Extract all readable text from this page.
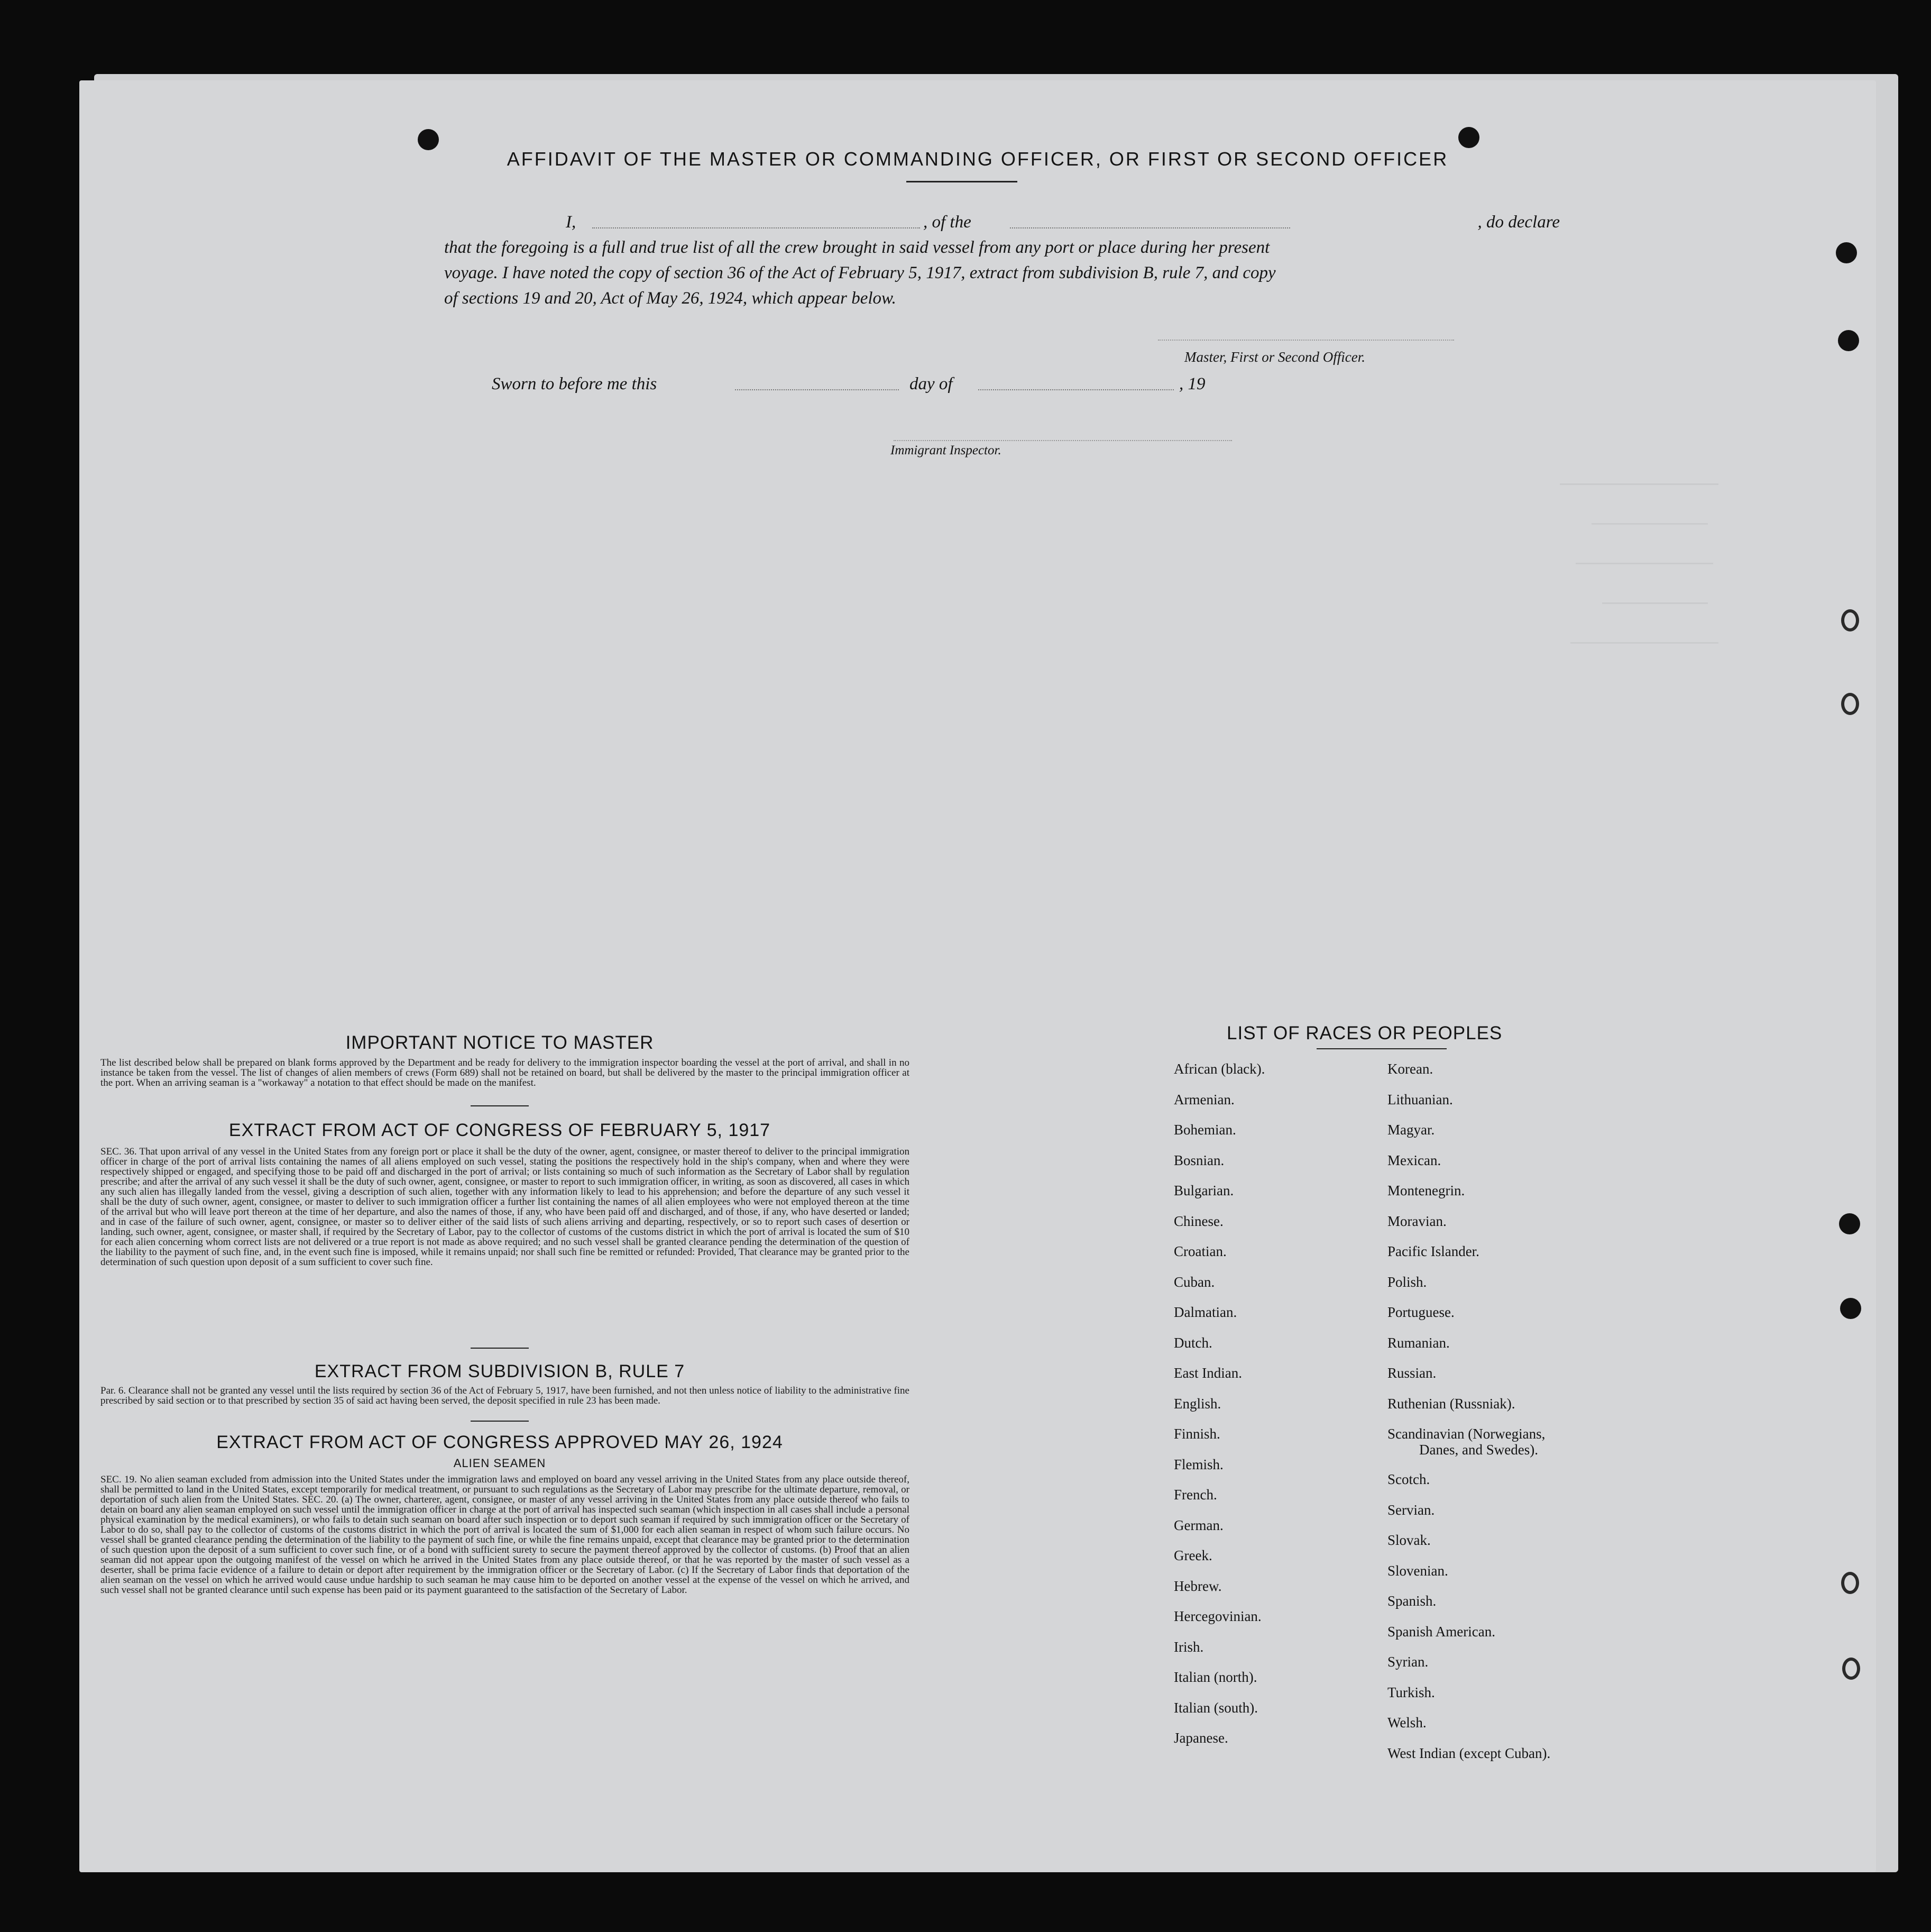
AFFIDAVIT OF THE MASTER OR COMMANDING OFFICER, OR FIRST OR SECOND OFFICER
I,	, of the	, do declare
that the foregoing is a full and true list of all the crew brought in said vessel from any port or place during her present
voyage. I have noted the copy of section 36 of the Act of February 5, 1917, extract from subdivision B, rule 7, and copy
of sections 19 and 20, Act of May 26, 1924, which appear below.
Master, First or Second Officer.
Sworn to before me this	day of	, 19
Immigrant Inspector.
IMPORTANT NOTICE TO MASTER
The list described below shall be prepared on blank forms approved by the Department and be ready for delivery to the immigration inspector boarding the vessel at the port of arrival, and shall in no instance be taken from the vessel. The list of changes of alien members of crews (Form 689) shall not be retained on board, but shall be delivered by the master to the principal immigration officer at the port. When an arriving seaman is a "workaway" a notation to that effect should be made on the manifest.
EXTRACT FROM ACT OF CONGRESS OF FEBRUARY 5, 1917
SEC. 36. That upon arrival of any vessel in the United States from any foreign port or place it shall be the duty of the owner, agent, consignee, or master thereof to deliver to the principal immigration officer in charge of the port of arrival lists containing the names of all aliens employed on such vessel, stating the positions the respectively hold in the ship's company, when and where they were respectively shipped or engaged, and specifying those to be paid off and discharged in the port of arrival; or lists containing so much of such information as the Secretary of Labor shall by regulation prescribe; and after the arrival of any such vessel it shall be the duty of such owner, agent, consignee, or master to report to such immigration officer, in writing, as soon as discovered, all cases in which any such alien has illegally landed from the vessel, giving a description of such alien, together with any information likely to lead to his apprehension; and before the departure of any such vessel it shall be the duty of such owner, agent, consignee, or master to deliver to such immigration officer a further list containing the names of all alien employees who were not employed thereon at the time of the arrival but who will leave port thereon at the time of her departure, and also the names of those, if any, who have been paid off and discharged, and of those, if any, who have deserted or landed; and in case of the failure of such owner, agent, consignee, or master so to deliver either of the said lists of such aliens arriving and departing, respectively, or so to report such cases of desertion or landing, such owner, agent, consignee, or master shall, if required by the Secretary of Labor, pay to the collector of customs of the customs district in which the port of arrival is located the sum of $10 for each alien concerning whom correct lists are not delivered or a true report is not made as above required; and no such vessel shall be granted clearance pending the determination of the question of the liability to the payment of such fine, and, in the event such fine is imposed, while it remains unpaid; nor shall such fine be remitted or refunded: Provided, That clearance may be granted prior to the determination of such question upon deposit of a sum sufficient to cover such fine.
EXTRACT FROM SUBDIVISION B, RULE 7
Par. 6. Clearance shall not be granted any vessel until the lists required by section 36 of the Act of February 5, 1917, have been furnished, and not then unless notice of liability to the administrative fine prescribed by said section or to that prescribed by section 35 of said act having been served, the deposit specified in rule 23 has been made.
EXTRACT FROM ACT OF CONGRESS APPROVED MAY 26, 1924
ALIEN SEAMEN
SEC. 19. No alien seaman excluded from admission into the United States under the immigration laws and employed on board any vessel arriving in the United States from any place outside thereof, shall be permitted to land in the United States, except temporarily for medical treatment, or pursuant to such regulations as the Secretary of Labor may prescribe for the ultimate departure, removal, or deportation of such alien from the United States. SEC. 20. (a) The owner, charterer, agent, consignee, or master of any vessel arriving in the United States from any place outside thereof who fails to detain on board any alien seaman employed on such vessel until the immigration officer in charge at the port of arrival has inspected such seaman (which inspection in all cases shall include a personal physical examination by the medical examiners), or who fails to detain such seaman on board after such inspection or to deport such seaman if required by such immigration officer or the Secretary of Labor to do so, shall pay to the collector of customs of the customs district in which the port of arrival is located the sum of $1,000 for each alien seaman in respect of whom such failure occurs. No vessel shall be granted clearance pending the determination of the liability to the payment of such fine, or while the fine remains unpaid, except that clearance may be granted prior to the determination of such question upon the deposit of a sum sufficient to cover such fine, or of a bond with sufficient surety to secure the payment thereof approved by the collector of customs. (b) Proof that an alien seaman did not appear upon the outgoing manifest of the vessel on which he arrived in the United States from any place outside thereof, or that he was reported by the master of such vessel as a deserter, shall be prima facie evidence of a failure to detain or deport after requirement by the immigration officer or the Secretary of Labor. (c) If the Secretary of Labor finds that deportation of the alien seaman on the vessel on which he arrived would cause undue hardship to such seaman he may cause him to be deported on another vessel at the expense of the vessel on which he arrived, and such vessel shall not be granted clearance until such expense has been paid or its payment guaranteed to the satisfaction of the Secretary of Labor.
LIST OF RACES OR PEOPLES
African (black).
Armenian.
Bohemian.
Bosnian.
Bulgarian.
Chinese.
Croatian.
Cuban.
Dalmatian.
Dutch.
East Indian.
English.
Finnish.
Flemish.
French.
German.
Greek.
Hebrew.
Hercegovinian.
Irish.
Italian (north).
Italian (south).
Japanese.
Korean.
Lithuanian.
Magyar.
Mexican.
Montenegrin.
Moravian.
Pacific Islander.
Polish.
Portuguese.
Rumanian.
Russian.
Ruthenian (Russniak).
Scandinavian (Norwegians,
Danes, and Swedes).
Scotch.
Servian.
Slovak.
Slovenian.
Spanish.
Spanish American.
Syrian.
Turkish.
Welsh.
West Indian (except Cuban).
